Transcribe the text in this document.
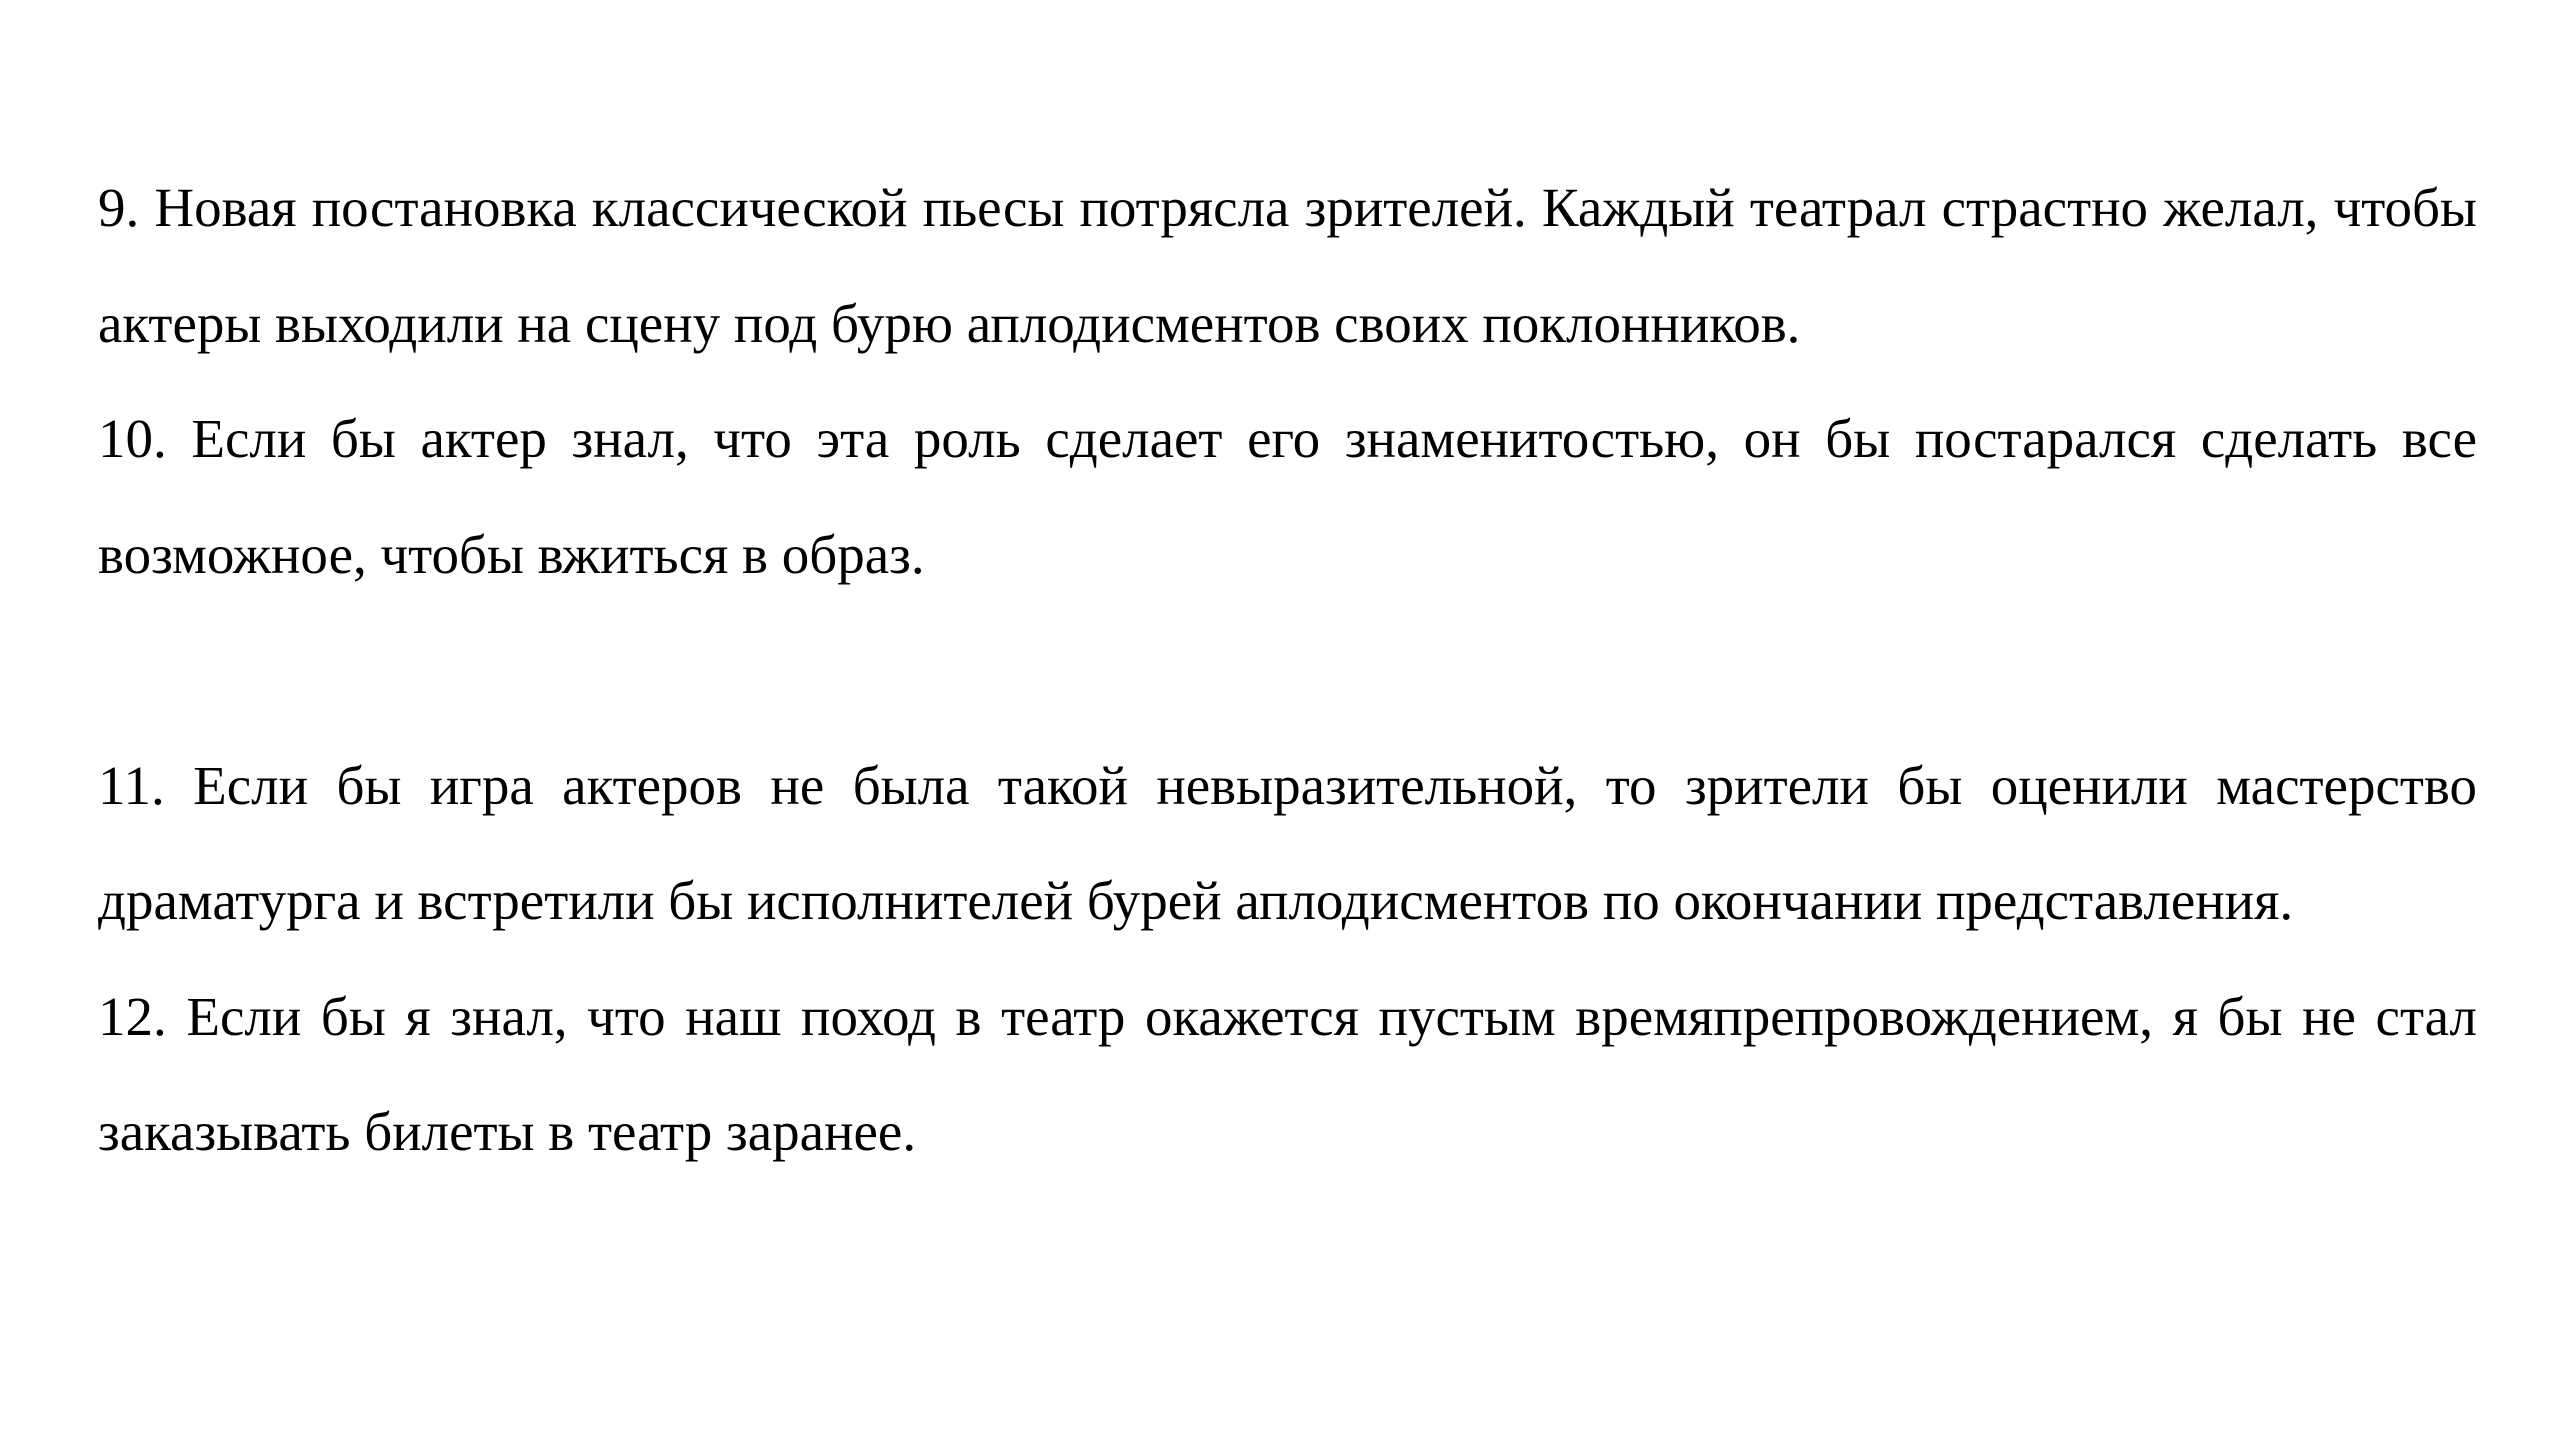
9. Новая постановка классической пьесы потрясла зрителей. Каждый театрал страстно желал, чтобы актеры выходили на сцену под бурю аплодисментов своих поклонников.

10. Если бы актер знал, что эта роль сделает его знаменитостью, он бы постарался сделать все возможное, чтобы вжиться в образ.

11. Если бы игра актеров не была такой невыразительной, то зрители бы оценили мастерство драматурга и встретили бы исполнителей бурей аплодисментов по окончании представления.

12. Если бы я знал, что наш поход в театр окажется пустым времяпрепровождением, я бы не стал заказывать билеты в театр заранее.
